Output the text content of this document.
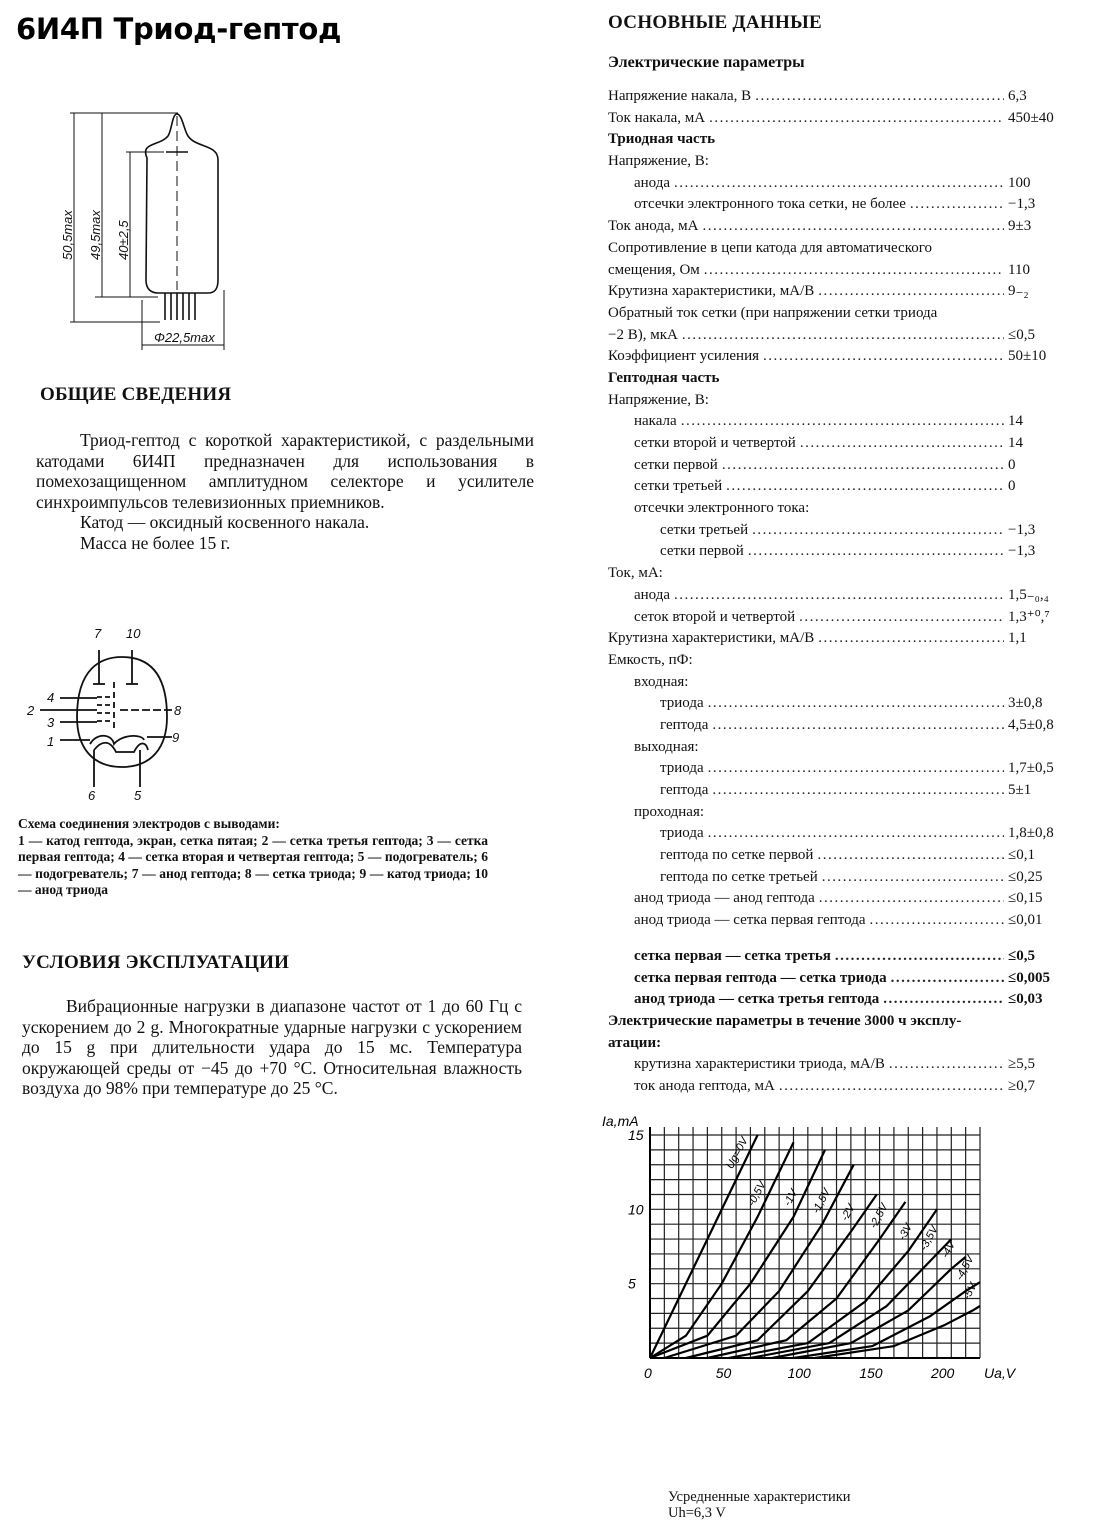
6И4П Триод-гептод
50,5max 49,5max 40±2,5
Φ22,5max
ОБЩИЕ СВЕДЕНИЯ

Триод-гептод с короткой характеристикой, с раздельными катодами 6И4П предназначен для использования в помехозащищенном амплитудном селекторе и усилителе синхроимпульсов телевизионных приемников.

Катод — оксидный косвенного накала.

Масса не более 15 г.

7 10
4
2
3
1
8
9
6	5
Схема соединения электродов с выводами:
1 — катод гептода, экран, сетка пятая; 2 — сетка третья гептода; 3 — сетка первая гептода; 4 — сетка вторая и четвертая гептода; 5 — подогреватель; 6 — подогреватель; 7 — анод гептода; 8 — сетка триода; 9 — катод триода; 10 — анод триода
УСЛОВИЯ ЭКСПЛУАТАЦИИ

Вибрационные нагрузки в диапазоне частот от 1 до 60 Гц с ускорением до 2 g. Многократные ударные нагрузки с ускорением до 15 g при длительности удара до 15 мс. Температура окружающей среды от −45 до +70 °C. Относительная влажность воздуха до 98% при температуре до 25 °C.

ОСНОВНЫЕ ДАННЫЕ
Электрические параметры
Напряжение накала, В .....	6,3
Ток накала, мА .....	450±40
Триодная часть
Напряжение, В:
анода .....	100
отсечки электронного тока сетки, не более .....	−1,3
Ток анода, мА .....	9±3
Сопротивление в цепи катода для автоматического
смещения, Ом .....	110
Крутизна характеристики, мА/В .....	9₋₂
Обратный ток сетки (при напряжении сетки триода
−2 В), мкА .....	≤0,5
Коэффициент усиления .....	50±10
Гептодная часть
Напряжение, В:
накала .....	14
сетки второй и четвертой .....	14
сетки первой .....	0
сетки третьей .....	0
отсечки электронного тока:
сетки третьей .....	−1,3
сетки первой .....	−1,3
Ток, мА:
анода .....	1,5₋₀,₄
сеток второй и четвертой .....	1,3⁺⁰,⁷
Крутизна характеристики, мА/В .....	1,1
Емкость, пФ:
входная:
триода .....	3±0,8
гептода .....	4,5±0,8
выходная:
триода .....	1,7±0,5
гептода .....	5±1
проходная:
триода .....	1,8±0,8
гептода по сетке первой .....	≤0,1
гептода по сетке третьей .....	≤0,25
анод триода — анод гептода .....	≤0,15
анод триода — сетка первая гептода .....	≤0,01
сетка первая — сетка третья .....	≤0,5
сетка первая гептода — сетка триода .....	≤0,005
анод триода — сетка третья гептода .....	≤0,03
Электрические параметры в течение 3000 ч эксплу-
атации:
крутизна характеристики триода, мА/В .....	≥5,5
ток анода гептода, мА .....	≥0,7
Ug=0V
-0,5V -1V -1,5V -2V -2,5V
-3V -3,5V
-4V
-4,5V
-5V
0	50	100	150	200
5
10
15
Ua,V
Ia,mA
Усредненные характеристики
Uh=6,3 V
